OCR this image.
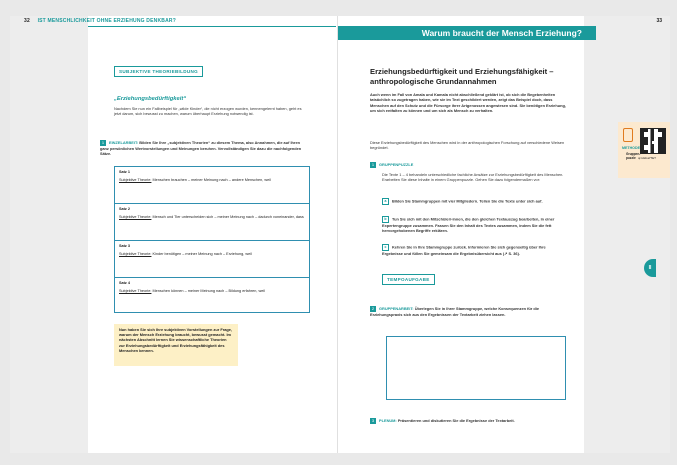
32 IST MENSCHLICHKEIT OHNE ERZIEHUNG DENKBAR?
SUBJEKTIVE THEORIEBILDUNG
„Erziehungsbedürftigkeit“
Nachdem Sie nun ein Fallbeispiel für „wilde Kinder“, die nicht erzogen wurden, kennengelernt haben, geht es jetzt darum, sich bewusst zu machen, warum überhaupt Erziehung notwendig ist.
1 EINZELARBEIT: Bilden Sie Ihre „subjektiven Theorien“ zu diesem Thema, also Annahmen, die auf Ihren ganz persönlichen Wertvorstellungen und Meinungen beruhen. Vervollständigen Sie dazu die nachfolgenden Sätze.
Satz 1
Subjektive Theorie: Menschen brauchen – meiner Meinung nach – andere Menschen, weil
Satz 2
Subjektive Theorie: Mensch und Tier unterscheiden sich – meiner Meinung nach – dadurch voneinander, dass
Satz 3
Subjektive Theorie: Kinder benötigen – meiner Meinung nach – Erziehung, weil
Satz 4
Subjektive Theorie: Menschen können – meiner Meinung nach – Bildung erfahren, weil
Nun haben Sie sich Ihre subjektiven Vorstellungen zur Frage, warum der Mensch Erziehung braucht, bewusst gemacht. Im nächsten Abschnitt lernen Sie wissenschaftliche Theorien zur Erziehungsbedürftigkeit und Erziehungsfähigkeit des Menschen kennen.
33
Warum braucht der Mensch Erziehung?
Erziehungsbedürftigkeit und Erziehungsfähigkeit – anthropologische Grundannahmen
Auch wenn im Fall von Amala und Kamala nicht abschließend geklärt ist, ob sich die Begebenheiten tatsächlich so zugetragen haben, wie sie im Text geschildert werden, zeigt das Beispiel doch, dass Menschen auf den Schutz und die Fürsorge ihrer Artgenossen angewiesen sind. Sie benötigen Erziehung, um sich entfalten zu können und um sich als Mensch zu verhalten.
Diese Erziehungsbedürftigkeit des Menschen wird in der anthropologischen Forschung auf verschiedene Weisen begründet.
1 GRUPPENPUZZLE
Die Texte 1 – 4 behandeln unterschiedliche fachliche Ansätze zur Erziehungsbedürftigkeit des Menschen. Erarbeiten Sie diese Inhalte in einem Gruppenpuzzle. Gehen Sie dazu folgendermaßen vor:
a Bilden Sie Stammgruppen mit vier Mitgliedern. Teilen Sie die Texte unter sich auf.
b Tun Sie sich mit den Mitschüler/-innen, die den gleichen Textauszug bearbeiten, in einer Expertengruppe zusammen. Fassen Sie den Inhalt des Textes zusammen, indem Sie die fett hervorgehobenen Begriffe erklären.
c Kehren Sie in Ihre Stammgruppe zurück. Informieren Sie sich gegenseitig über Ihre Ergebnisse und füllen Sie gemeinsam die Ergebnisübersicht aus (↗ S. 36).
TEMPOAUFGABE
2 GRUPPENARBEIT: Überlegen Sie in Ihrer Stammgruppe, welche Konsequenzen für die Erziehungspraxis sich aus den Ergebnissen der Textarbeit ziehen lassen.
3 PLENUM: Präsentieren und diskutieren Sie die Ergebnisse der Textarbeit.
METHODE
Gruppen-puzzle qr.tdsfo2/TET
II
